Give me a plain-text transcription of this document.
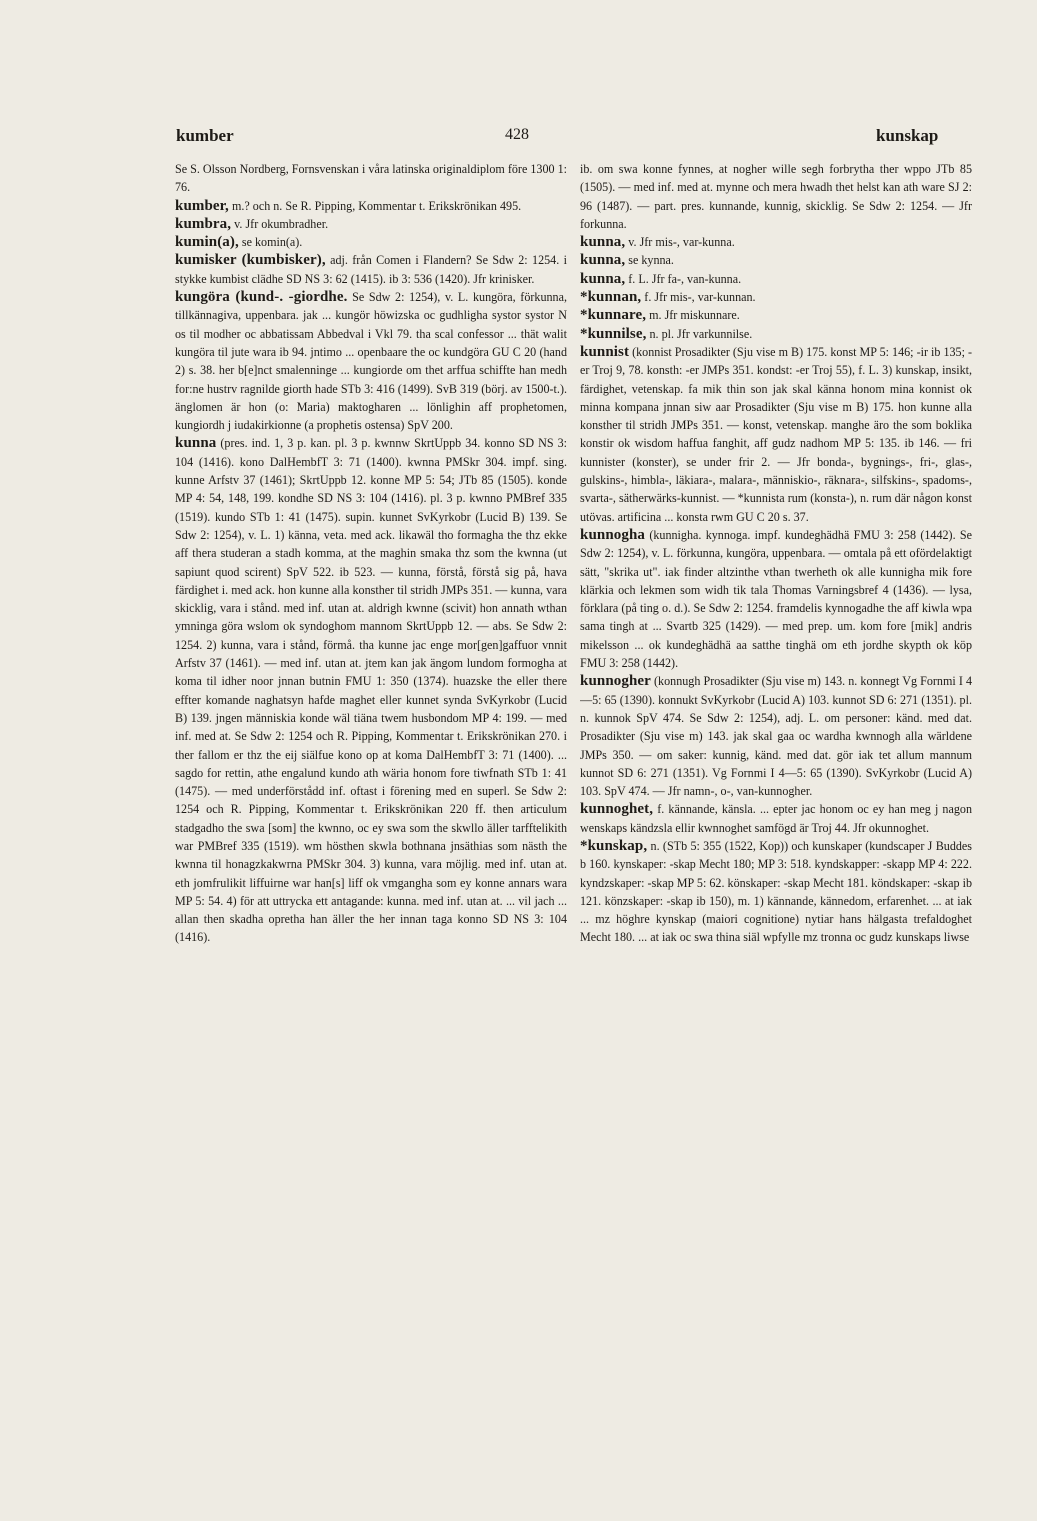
kumber	428	kunskap

Se S. Olsson Nordberg, Fornsvenskan i våra latinska originaldiplom före 1300 1: 76.

kumber, m.? och n. Se R. Pipping, Kommentar t. Erikskrönikan 495.

kumbra, v. Jfr okumbradher.

kumin(a), se komin(a).

kumisker (kumbisker), adj. från Comen i Flandern? Se Sdw 2: 1254. i stykke kumbist clädhe SD NS 3: 62 (1415). ib 3: 536 (1420). Jfr krinisker.

kungöra (kund-. -giordhe. Se Sdw 2: 1254), v. L. kungöra, förkunna, tillkännagiva, uppenbara. jak ... kungör höwizska oc gudhligha systor systor N os til modher oc abbatissam Abbedval i Vkl 79. tha scal confessor ... thät walit kungöra til jute wara ib 94. jntimo ... openbaare the oc kundgöra GU C 20 (hand 2) s. 38. her b[e]nct smalenninge ... kungiorde om thet arffua schiffte han medh for:ne hustrv ragnilde giorth hade STb 3: 416 (1499). SvB 319 (börj. av 1500-t.). änglomen är hon (o: Maria) maktogharen ... lönlighin aff prophetomen, kungiordh j iudakirkionne (a prophetis ostensa) SpV 200.

kunna (pres. ind. 1, 3 p. kan. pl. 3 p. kwnnw SkrtUppb 34. konno SD NS 3: 104 (1416). kono DalHembfT 3: 71 (1400). kwnna PMSkr 304. impf. sing. kunne Arfstv 37 (1461); SkrtUppb 12. konne MP 5: 54; JTb 85 (1505). konde MP 4: 54, 148, 199. kondhe SD NS 3: 104 (1416). pl. 3 p. kwnno PMBref 335 (1519). kundo STb 1: 41 (1475). supin. kunnet SvKyrkobr (Lucid B) 139. Se Sdw 2: 1254), v. L. 1) känna, veta. med ack. likawäl tho formagha the thz ekke aff thera studeran a stadh komma, at the maghin smaka thz som the kwnna (ut sapiunt quod scirent) SpV 522. ib 523. — kunna, förstå, förstå sig på, hava färdighet i. med ack. hon kunne alla konsther til stridh JMPs 351. — kunna, vara skicklig, vara i stånd. med inf. utan at. aldrigh kwnne (scivit) hon annath wthan ymninga göra wslom ok syndoghom mannom SkrtUppb 12. — abs. Se Sdw 2: 1254. 2) kunna, vara i stånd, förmå. tha kunne jac enge mor[gen]gaffuor vnnit Arfstv 37 (1461). — med inf. utan at. jtem kan jak ängom lundom formogha at koma til idher noor jnnan butnin FMU 1: 350 (1374). huazske the eller there effter komande naghatsyn hafde maghet eller kunnet synda SvKyrkobr (Lucid B) 139. jngen människia konde wäl tiäna twem husbondom MP 4: 199. — med inf. med at. Se Sdw 2: 1254 och R. Pipping, Kommentar t. Erikskrönikan 270. i ther fallom er thz the eij siälfue kono op at koma DalHembfT 3: 71 (1400). ... sagdo for rettin, athe engalund kundo ath wäria honom fore tiwfnath STb 1: 41 (1475). — med underförstådd inf. oftast i förening med en superl. Se Sdw 2: 1254 och R. Pipping, Kommentar t. Erikskrönikan 220 ff. then articulum stadgadho the swa [som] the kwnno, oc ey swa som the skwllo äller tarfftelikith war PMBref 335 (1519). wm hösthen skwla bothnana jnsäthias som nästh the kwnna til honagzkakwrna PMSkr 304. 3) kunna, vara möjlig. med inf. utan at. eth jomfrulikit liffuirne war han[s] liff ok vmgangha som ey konne annars wara MP 5: 54. 4) för att uttrycka ett antagande: kunna. med inf. utan at. ... vil jach ... allan then skadha opretha han äller the her innan taga konno SD NS 3: 104 (1416).

ib. om swa konne fynnes, at nogher wille segh forbrytha ther wppo JTb 85 (1505). — med inf. med at. mynne och mera hwadh thet helst kan ath ware SJ 2: 96 (1487). — part. pres. kunnande, kunnig, skicklig. Se Sdw 2: 1254. — Jfr forkunna.

kunna, v. Jfr mis-, var-kunna.

kunna, se kynna.

kunna, f. L. Jfr fa-, van-kunna.

*kunnan, f. Jfr mis-, var-kunnan.

*kunnare, m. Jfr miskunnare.

*kunnilse, n. pl. Jfr varkunnilse.

kunnist (konnist Prosadikter (Sju vise m B) 175. konst MP 5: 146; -ir ib 135; -er Troj 9, 78. konsth: -er JMPs 351. kondst: -er Troj 55), f. L. 3) kunskap, insikt, färdighet, vetenskap. fa mik thin son jak skal känna honom mina konnist ok minna kompana jnnan siw aar Prosadikter (Sju vise m B) 175. hon kunne alla konsther til stridh JMPs 351. — konst, vetenskap. manghe äro the som boklika konstir ok wisdom haffua fanghit, aff gudz nadhom MP 5: 135. ib 146. — fri kunnister (konster), se under frir 2. — Jfr bonda-, bygnings-, fri-, glas-, gulskins-, himbla-, läkiara-, malara-, människio-, räknara-, silfskins-, spadoms-, svarta-, sätherwärks-kunnist. — *kunnista rum (konsta-), n. rum där någon konst utövas. artificina ... konsta rwm GU C 20 s. 37.

kunnogha (kunnigha. kynnoga. impf. kundeghädhä FMU 3: 258 (1442). Se Sdw 2: 1254), v. L. förkunna, kungöra, uppenbara. — omtala på ett ofördelaktigt sätt, "skrika ut". iak finder altzinthe vthan twerheth ok alle kunnigha mik fore klärkia och lekmen som widh tik tala Thomas Varningsbref 4 (1436). — lysa, förklara (på ting o. d.). Se Sdw 2: 1254. framdelis kynnogadhe the aff kiwla wpa sama tingh at ... Svartb 325 (1429). — med prep. um. kom fore [mik] andris mikelsson ... ok kundeghädhä aa satthe tinghä om eth jordhe skypth ok köp FMU 3: 258 (1442).

kunnogher (konnugh Prosadikter (Sju vise m) 143. n. konnegt Vg Fornmi I 4—5: 65 (1390). konnukt SvKyrkobr (Lucid A) 103. kunnot SD 6: 271 (1351). pl. n. kunnok SpV 474. Se Sdw 2: 1254), adj. L. om personer: känd. med dat. Prosadikter (Sju vise m) 143. jak skal gaa oc wardha kwnnogh alla wärldene JMPs 350. — om saker: kunnig, känd. med dat. gör iak tet allum mannum kunnot SD 6: 271 (1351). Vg Fornmi I 4—5: 65 (1390). SvKyrkobr (Lucid A) 103. SpV 474. — Jfr namn-, o-, van-kunnogher.

kunnoghet, f. kännande, känsla. ... epter jac honom oc ey han meg j nagon wenskaps kändzsla ellir kwnnoghet samfögd är Troj 44. Jfr okunnoghet.

*kunskap, n. (STb 5: 355 (1522, Kop)) och kunskaper (kundscaper J Buddes b 160. kynskaper: -skap Mecht 180; MP 3: 518. kyndskapper: -skapp MP 4: 222. kyndzskaper: -skap MP 5: 62. könskaper: -skap Mecht 181. köndskaper: -skap ib 121. könzskaper: -skap ib 150), m. 1) kännande, kännedom, erfarenhet. ... at iak ... mz höghre kynskap (maiori cognitione) nytiar hans hälgasta trefaldoghet Mecht 180. ... at iak oc swa thina siäl wpfylle mz tronna oc gudz kunskaps liwse
